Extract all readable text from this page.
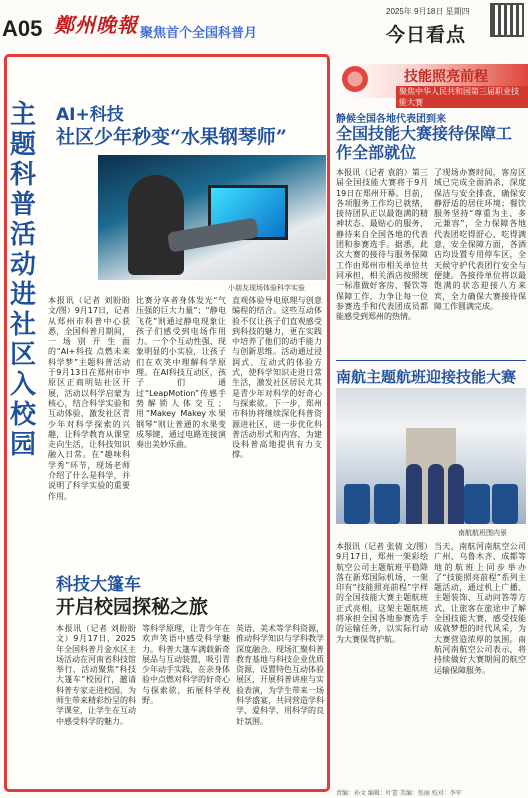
A05 鄭州晚報 聚焦首个全国科普月
2025年 9月18日 星期四
今日看点
主
题
科
普
活
动
进
社
区
入
校
园
AI+科技
社区少年秒变“水果钢琴师”
小朋友现场体验科学实验
本报讯（记者 刘盼盼 文/图）9月17日，记者从郑州市科普中心获悉，全国科普月期间，一场别开生面的“AI+科技 点燃未来科学梦”主题科普活动于9月13日在郑州市中原区正商明钻社区开展，活动以科学启蒙为核心，结合科学实验和互动体验，激发社区青少年对科学探索的兴趣，让科学教育从课堂走向生活，让科技知识融入日常。在“趣味科学秀”环节，现场老师介绍了什么是科学，并说明了科学实验的重要作用。
比赛分享者身体发光“气压强的巨大力量”；“静电飞花”则通过静电现象让孩子们感受到电场作用力。一个个互动性强、现象明显的小实验，让孩子们在欢笑中理解科学原理。在AI科技互动区，孩子们通过“LeapMotion”传感手势解锁人体交互；用“Makey Makey水果钢琴”则让普通的水果变成琴键，通过电路连接演奏出美妙乐曲。
直观体验导电原理与创意编程的结合。这些互动体验不仅让孩子们直观感受到科技的魅力，更在实践中培养了他们的动手能力与创新思维。活动通过浸润式、互动式的体验方式，使科学知识走进日常生活，激发社区居民尤其是青少年对科学的好奇心与探索欲。下一步，郑州市科协将继续深化科普资源进社区，进一步优化科普活动形式和内容，为建设科普高地提供有力支撑。
科技大篷车
开启校园探秘之旅
本报讯（记者 刘盼盼 文）9月17日，2025年全国科普月金水区主场活动在河南省科技馆举行，活动聚焦“科技大篷车”校园行，邀请科普专家走进校园，为师生带来精彩纷呈的科学课堂，让学生在互动中感受科学的魅力。
等科学原理，让青少年在欢声笑语中感受科学魅力。科普大篷车满载新奇展品与互动装置，吸引青少年动手实践，在亲身体验中点燃对科学的好奇心与探索欲，拓展科学视野。
英语、美术等学科资源，推动科学知识与学科教学深度融合。现场汇聚科普教育基地与科技企业优质资源，设置特色互动体验展区，开展科普讲座与实验表演，为学生带来一场科学盛宴，共同营造学科学、爱科学、用科学的良好氛围。
技能照亮前程
聚焦中华人民共和国第三届职业技能大赛
静候全国各地代表团到来
全国技能大赛接待保障工作全部就位
本报讯（记者 袁韵）第三届全国技能大赛将于9月19日在郑州开幕。目前，各项服务工作均已就绪，接待团队正以最饱满的精神状态、最贴心的服务，静待来自全国各地的代表团和参赛选手。据悉，此次大赛的接待与服务保障工作由郑州市相关单位共同承担，相关酒店按照统一标准做好客房、餐饮等保障工作，力争让每一位参赛选手和代表团成员都能感受到郑州的热情。
了现场办赛时间，客房区域已完成全面消杀，深度保洁与安全排查，确保安静舒适的居住环境；餐饮服务坚持“尊重为主、多元兼容”，全力保障各地代表团吃得舒心、吃得满意，安全保障方面，各酒店均设置专用停车区，全天候守护代表团行安全与便捷。各接待单位将以最饱满的状态迎接八方来宾，全力确保大赛接待保障工作圆满完成。
南航主题航班迎接技能大赛
南航航班围内景
本报讯（记者 张倩 文/图）9月17日，郑州一架彩绘航空公司主题航班平稳降落在新郑国际机场，一架印有“技能照亮前程”字样的全国技能大赛主题航班正式亮相，这架主题航班将承担全国各地参赛选手的运输任务，以实际行动为大赛保驾护航。
当天，南航河南航空公司广州、乌鲁木齐、成都等地的航班上同步举办了“技能照亮前程”系列主题活动，通过机上广播、主题装饰、互动问答等方式，让旅客在旅途中了解全国技能大赛，感受技能成就梦想的时代风采，为大赛营造浓厚的氛围。南航河南航空公司表示，将持续做好大赛期间的航空运输保障服务。
责编：孙文 编辑：叶蕾 美编：张丽 校对：李军
